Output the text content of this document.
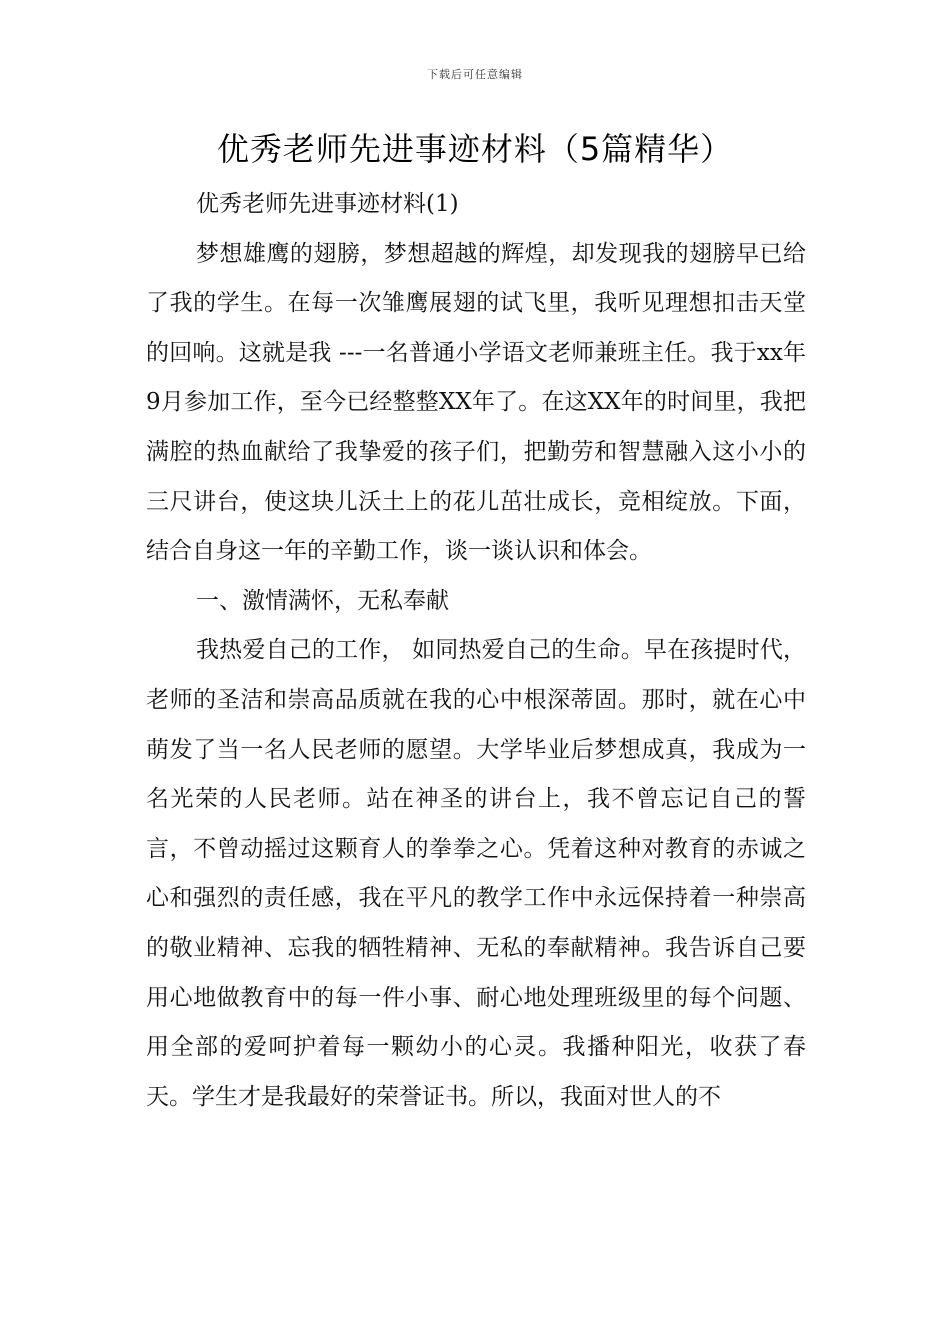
下载后可任意编辑
优秀老师先进事迹材料（5篇精华）

优秀老师先进事迹材料(1)

梦想雄鹰的翅膀，梦想超越的辉煌，却发现我的翅膀早已给了我的学生。在每一次雏鹰展翅的试飞里，我听见理想扣击天堂的回响。这就是我 ---一名普通小学语文老师兼班主任。我于xx年9月参加工作，至今已经整整XX年了。在这XX年的时间里，我把满腔的热血献给了我挚爱的孩子们，把勤劳和智慧融入这小小的三尺讲台，使这块儿沃土上的花儿茁壮成长，竞相绽放。下面，结合自身这一年的辛勤工作，谈一谈认识和体会。

一、激情满怀，无私奉献

我热爱自己的工作， 如同热爱自己的生命。早在孩提时代，老师的圣洁和崇高品质就在我的心中根深蒂固。那时，就在心中萌发了当一名人民老师的愿望。大学毕业后梦想成真，我成为一名光荣的人民老师。站在神圣的讲台上，我不曾忘记自己的誓言，不曾动摇过这颗育人的拳拳之心。凭着这种对教育的赤诚之心和强烈的责任感，我在平凡的教学工作中永远保持着一种崇高的敬业精神、忘我的牺牲精神、无私的奉献精神。我告诉自己要用心地做教育中的每一件小事、耐心地处理班级里的每个问题、用全部的爱呵护着每一颗幼小的心灵。我播种阳光，收获了春天。学生才是我最好的荣誉证书。所以，我面对世人的不
